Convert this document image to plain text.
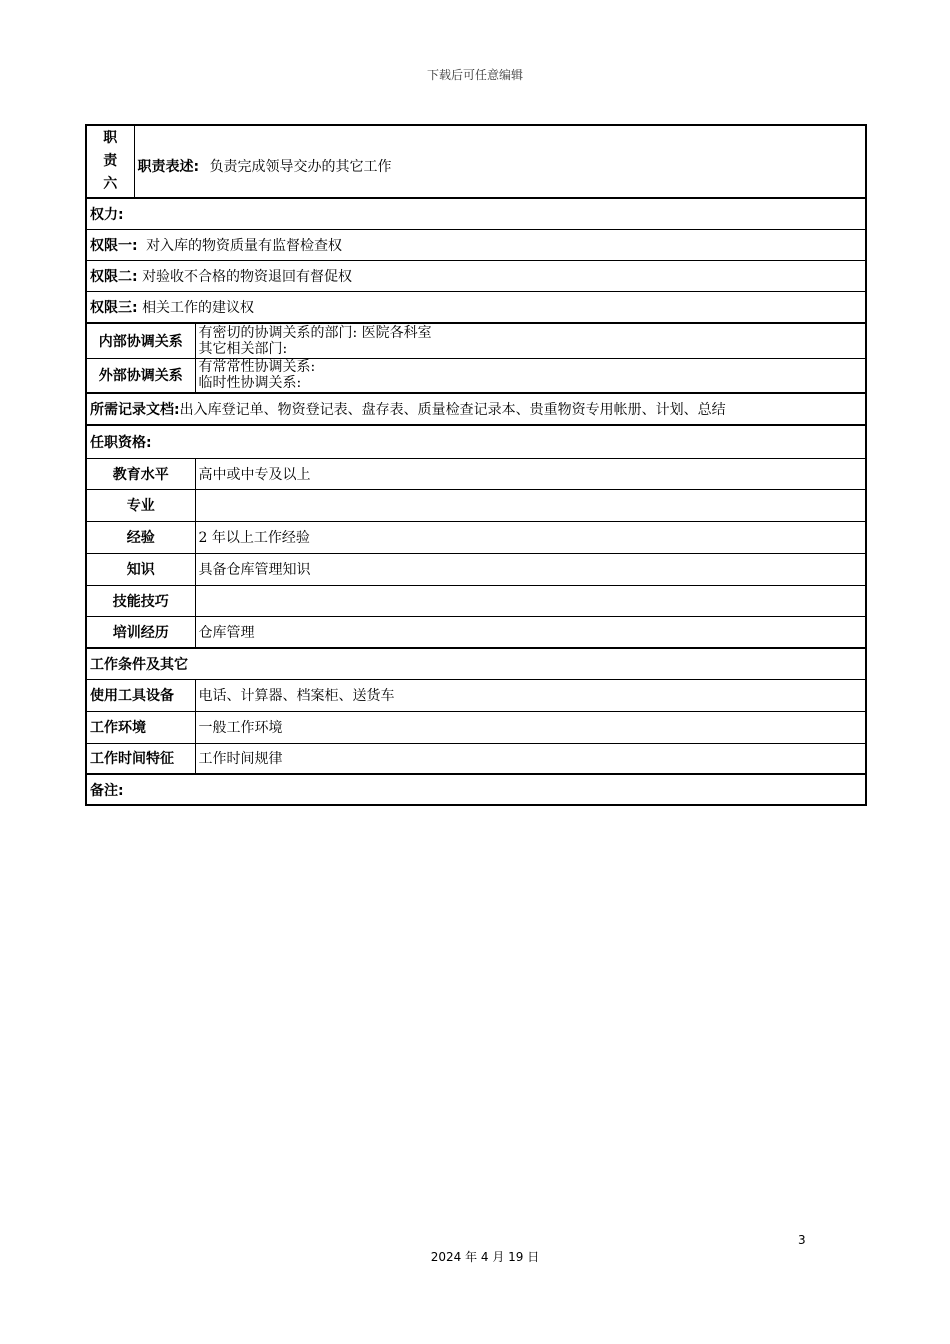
下载后可任意编辑
职
责
六	职责表述: 负责完成领导交办的其它工作	
权力:		
权限一: 对入库的物资质量有监督检查权		
权限二: 对验收不合格的物资退回有督促权		
权限三: 相关工作的建议权		
内部协调关系		有密切的协调关系的部门: 医院各科室
其它相关部门:

外部协调关系		有常常性协调关系:
临时性协调关系:

所需记录文档:出入库登记单、物资登记表、盘存表、质量检查记录本、贵重物资专用帐册、计划、总结		
任职资格:		
教育水平		高中或中专及以上
专业		
经验		2 年以上工作经验
知识		具备仓库管理知识
技能技巧		
培训经历		仓库管理
工作条件及其它		
使用工具设备		电话、计算器、档案柜、送货车
工作环境		一般工作环境
工作时间特征		工作时间规律
备注:		
3
2024 年 4 月 19 日
